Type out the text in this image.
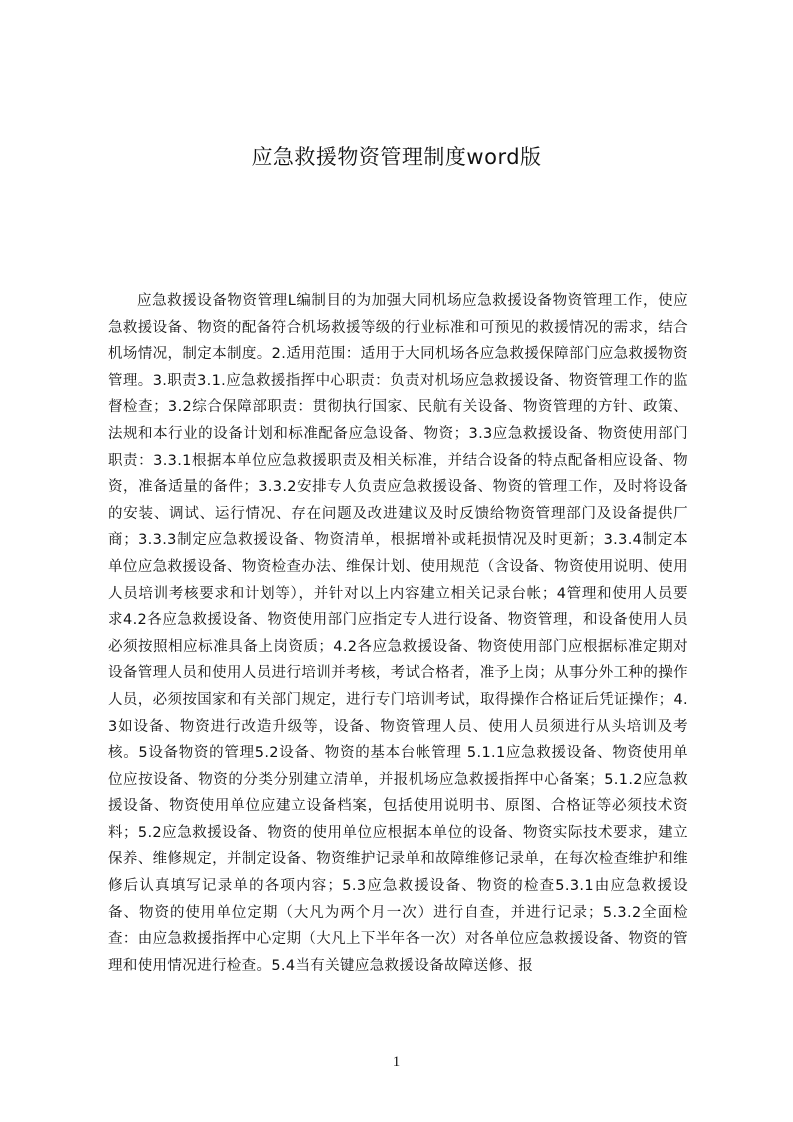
应急救援物资管理制度word版
应急救援设备物资管理L编制目的为加强大同机场应急救援设备物资管理工作，使应急救援设备、物资的配备符合机场救援等级的行业标准和可预见的救援情况的需求，结合机场情况，制定本制度。2.适用范围：适用于大同机场各应急救援保障部门应急救援物资管理。3.职责3.1.应急救援指挥中心职责：负责对机场应急救援设备、物资管理工作的监督检查；3.2综合保障部职责：贯彻执行国家、民航有关设备、物资管理的方针、政策、法规和本行业的设备计划和标准配备应急设备、物资；3.3应急救援设备、物资使用部门职责：3.3.1根据本单位应急救援职责及相关标准，并结合设备的特点配备相应设备、物资，准备适量的备件；3.3.2安排专人负责应急救援设备、物资的管理工作，及时将设备的安装、调试、运行情况、存在问题及改进建议及时反馈给物资管理部门及设备提供厂商；3.3.3制定应急救援设备、物资清单，根据增补或耗损情况及时更新；3.3.4制定本单位应急救援设备、物资检查办法、维保计划、使用规范（含设备、物资使用说明、使用人员培训考核要求和计划等），并针对以上内容建立相关记录台帐；4管理和使用人员要求4.2各应急救援设备、物资使用部门应指定专人进行设备、物资管理，和设备使用人员必须按照相应标准具备上岗资质；4.2各应急救援设备、物资使用部门应根据标准定期对设备管理人员和使用人员进行培训并考核，考试合格者，准予上岗；从事分外工种的操作人员，必须按国家和有关部门规定，进行专门培训考试，取得操作合格证后凭证操作；4.3如设备、物资进行改造升级等，设备、物资管理人员、使用人员须进行从头培训及考核。5设备物资的管理5.2设备、物资的基本台帐管理 5.1.1应急救援设备、物资使用单位应按设备、物资的分类分别建立清单，并报机场应急救援指挥中心备案；5.1.2应急救援设备、物资使用单位应建立设备档案，包括使用说明书、原图、合格证等必须技术资料；5.2应急救援设备、物资的使用单位应根据本单位的设备、物资实际技术要求，建立保养、维修规定，并制定设备、物资维护记录单和故障维修记录单，在每次检查维护和维修后认真填写记录单的各项内容；5.3应急救援设备、物资的检查5.3.1由应急救援设备、物资的使用单位定期（大凡为两个月一次）进行自查，并进行记录；5.3.2全面检查：由应急救援指挥中心定期（大凡上下半年各一次）对各单位应急救援设备、物资的管理和使用情况进行检查。5.4当有关键应急救援设备故障送修、报
1
